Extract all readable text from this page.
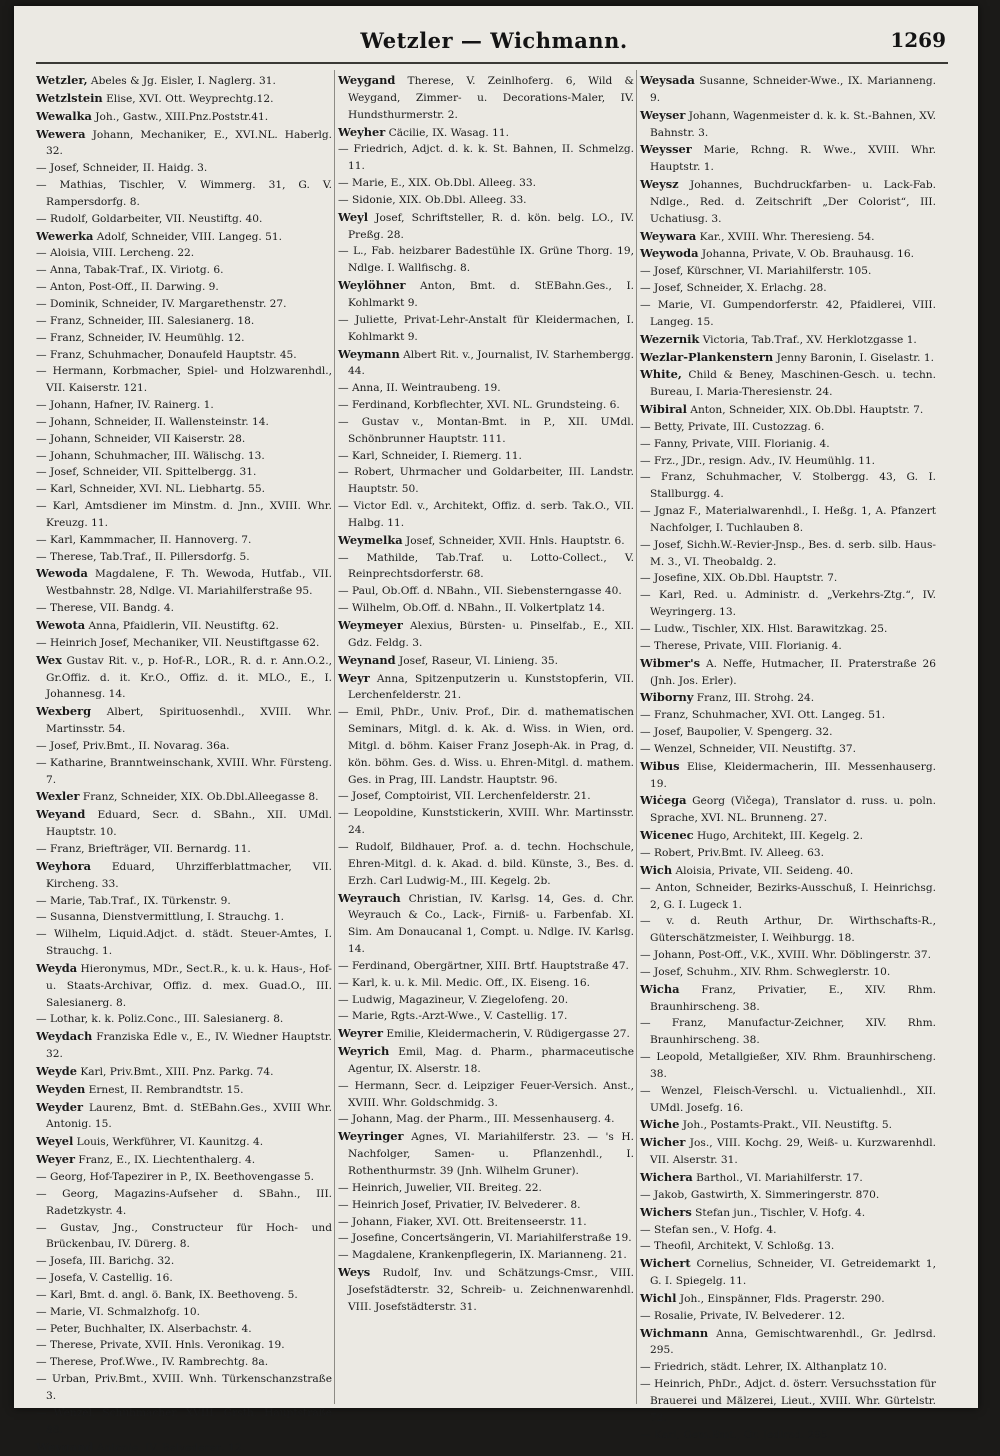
Wetzler — Wichmann.	1269

Wetzler, Abeles & Jg. Eisler, I. Naglerg. 31.

Wetzlstein Elise, XVI. Ott. Weyprechtg.12.

Wewalka Joh., Gastw., XIII.Pnz.Poststr.41.

Wewera Johann, Mechaniker, E., XVI.NL. Haberlg. 32.

— Josef, Schneider, II. Haidg. 3.

— Mathias, Tischler, V. Wimmerg. 31, G. V. Rampersdorfg. 8.

— Rudolf, Goldarbeiter, VII. Neustiftg. 40.

Wewerka Adolf, Schneider, VIII. Langeg. 51.

— Aloisia, VIII. Lercheng. 22.

— Anna, Tabak-Traf., IX. Viriotg. 6.

— Anton, Post-Off., II. Darwing. 9.

— Dominik, Schneider, IV. Margarethenstr. 27.

— Franz, Schneider, III. Salesianerg. 18.

— Franz, Schneider, IV. Heumühlg. 12.

— Franz, Schuhmacher, Donaufeld Hauptstr. 45.

— Hermann, Korbmacher, Spiel- und Holzwarenhdl., VII. Kaiserstr. 121.

— Johann, Hafner, IV. Rainerg. 1.

— Johann, Schneider, II. Wallensteinstr. 14.

— Johann, Schneider, VII Kaiserstr. 28.

— Johann, Schuhmacher, III. Wälischg. 13.

— Josef, Schneider, VII. Spittelbergg. 31.

— Karl, Schneider, XVI. NL. Liebhartg. 55.

— Karl, Amtsdiener im Minstm. d. Jnn., XVIII. Whr. Kreuzg. 11.

— Karl, Kammmacher, II. Hannoverg. 7.

— Therese, Tab.Traf., II. Pillersdorfg. 5.

Wewoda Magdalene, F. Th. Wewoda, Hutfab., VII. Westbahnstr. 28, Ndlge. VI. Mariahilferstraße 95.

— Therese, VII. Bandg. 4.

Wewota Anna, Pfaidlerin, VII. Neustiftg. 62.

— Heinrich Josef, Mechaniker, VII. Neustiftgasse 62.

Wex Gustav Rit. v., p. Hof-R., LOR., R. d. r. Ann.O.2., Gr.Offiz. d. it. Kr.O., Offiz. d. it. MLO., E., I. Johannesg. 14.

Wexberg Albert, Spirituosenhdl., XVIII. Whr. Martinsstr. 54.

— Josef, Priv.Bmt., II. Novarag. 36a.

— Katharine, Branntweinschank, XVIII. Whr. Fürsteng. 7.

Wexler Franz, Schneider, XIX. Ob.Dbl.Alleegasse 8.

Weyand Eduard, Secr. d. SBahn., XII. UMdl. Hauptstr. 10.

— Franz, Briefträger, VII. Bernardg. 11.

Weyhora Eduard, Uhrzifferblattmacher, VII. Kircheng. 33.

— Marie, Tab.Traf., IX. Türkenstr. 9.

— Susanna, Dienstvermittlung, I. Strauchg. 1.

— Wilhelm, Liquid.Adjct. d. städt. Steuer-Amtes, I. Strauchg. 1.

Weyda Hieronymus, MDr., Sect.R., k. u. k. Haus-, Hof- u. Staats-Archivar, Offiz. d. mex. Guad.O., III. Salesianerg. 8.

— Lothar, k. k. Poliz.Conc., III. Salesianerg. 8.

Weydach Franziska Edle v., E., IV. Wiedner Hauptstr. 32.

Weyde Karl, Priv.Bmt., XIII. Pnz. Parkg. 74.

Weyden Ernest, II. Rembrandtstr. 15.

Weyder Laurenz, Bmt. d. StEBahn.Ges., XVIII Whr. Antonig. 15.

Weyel Louis, Werkführer, VI. Kaunitzg. 4.

Weyer Franz, E., IX. Liechtenthalerg. 4.

— Georg, Hof-Tapezirer in P., IX. Beethovengasse 5.

— Georg, Magazins-Aufseher d. SBahn., III. Radetzkystr. 4.

— Gustav, Jng., Constructeur für Hoch- und Brückenbau, IV. Dürerg. 8.

— Josefa, III. Barichg. 32.

— Josefa, V. Castellig. 16.

— Karl, Bmt. d. angl. ö. Bank, IX. Beethoveng. 5.

— Marie, VI. Schmalzhofg. 10.

— Peter, Buchhalter, IX. Alserbachstr. 4.

— Therese, Private, XVII. Hnls. Veronikag. 19.

— Therese, Prof.Wwe., IV. Rambrechtg. 8a.

— Urban, Priv.Bmt., XVIII. Wnh. Türkenschanzstraße 3.

— Wenzel, Schuhmacher, XVIII. Grsth. Hauptstraße 88.

Weygand Antonie, IV. Belvederег. 12.

Weygand Therese, V. Zeinlhoferg. 6, Wild & Weygand, Zimmer- u. Decorations-Maler, IV. Hundsthurmerstr. 2.

Weyher Cäcilie, IX. Wasag. 11.

— Friedrich, Adjct. d. k. k. St. Bahnen, II. Schmelzg. 11.

— Marie, E., XIX. Ob.Dbl. Alleeg. 33.

— Sidonie, XIX. Ob.Dbl. Alleeg. 33.

Weyl Josef, Schriftsteller, R. d. kön. belg. LO., IV. Preßg. 28.

— L., Fab. heizbarer Badestühle IX. Grüne Thorg. 19, Ndlge. I. Wallfischg. 8.

Weylöhner Anton, Bmt. d. StEBahn.Ges., I. Kohlmarkt 9.

— Juliette, Privat-Lehr-Anstalt für Kleidermachen, I. Kohlmarkt 9.

Weymann Albert Rit. v., Journalist, IV. Starhembergg. 44.

— Anna, II. Weintraubeng. 19.

— Ferdinand, Korbflechter, XVI. NL. Grundsteing. 6.

— Gustav v., Montan-Bmt. in P., XII. UMdl. Schönbrunner Hauptstr. 111.

— Karl, Schneider, I. Riemerg. 11.

— Robert, Uhrmacher und Goldarbeiter, III. Landstr. Hauptstr. 50.

— Victor Edl. v., Architekt, Offiz. d. serb. Tak.O., VII. Halbg. 11.

Weymelka Josef, Schneider, XVII. Hnls. Hauptstr. 6.

— Mathilde, Tab.Traf. u. Lotto-Collect., V. Reinprechtsdorferstr. 68.

— Paul, Ob.Off. d. NBahn., VII. Siebensterngasse 40.

— Wilhelm, Ob.Off. d. NBahn., II. Volkertplatz 14.

Weymeyer Alexius, Bürsten- u. Pinselfab., E., XII. Gdz. Feldg. 3.

Weynand Josef, Raseur, VI. Linieng. 35.

Weyr Anna, Spitzenputzerin u. Kunststopferin, VII. Lerchenfelderstr. 21.

— Emil, PhDr., Univ. Prof., Dir. d. mathematischen Seminars, Mitgl. d. k. Ak. d. Wiss. in Wien, ord. Mitgl. d. böhm. Kaiser Franz Joseph-Ak. in Prag, d. kön. böhm. Ges. d. Wiss. u. Ehren-Mitgl. d. mathem. Ges. in Prag, III. Landstr. Hauptstr. 96.

— Josef, Comptoirist, VII. Lerchenfelderstr. 21.

— Leopoldine, Kunststickerin, XVIII. Whr. Martinsstr. 24.

— Rudolf, Bildhauer, Prof. a. d. techn. Hochschule, Ehren-Mitgl. d. k. Akad. d. bild. Künste, 3., Bes. d. Erzh. Carl Ludwig-M., III. Kegelg. 2b.

Weyrauch Christian, IV. Karlsg. 14, Ges. d. Chr. Weyrauch & Co., Lack-, Firniß- u. Farbenfab. XI. Sim. Am Donaucanal 1, Compt. u. Ndlge. IV. Karlsg. 14.

— Ferdinand, Obergärtner, XIII. Brtf. Hauptstraße 47.

— Karl, k. u. k. Mil. Medic. Off., IX. Eiseng. 16.

— Ludwig, Magazineur, V. Ziegelofeng. 20.

— Marie, Rgts.-Arzt-Wwe., V. Castellig. 17.

Weyrer Emilie, Kleidermacherin, V. Rüdigergasse 27.

Weyrich Emil, Mag. d. Pharm., pharmaceutische Agentur, IX. Alserstr. 18.

— Hermann, Secr. d. Leipziger Feuer-Versich. Anst., XVIII. Whr. Goldschmidg. 3.

— Johann, Mag. der Pharm., III. Messenhauserg. 4.

Weyringer Agnes, VI. Mariahilferstr. 23. — 's H. Nachfolger, Samen- u. Pflanzenhdl., I. Rothenthurmstr. 39 (Jnh. Wilhelm Gruner).

— Heinrich, Juwelier, VII. Breiteg. 22.

— Heinrich Josef, Privatier, IV. Belvederег. 8.

— Johann, Fiaker, XVI. Ott. Breitenseerstr. 11.

— Josefine, Concertsängerin, VI. Mariahilferstraße 19.

— Magdalene, Krankenpflegerin, IX. Marianneng. 21.

Weys Rudolf, Inv. und Schätzungs-Cmsr., VIII. Josefstädterstr. 32, Schreib- u. Zeichnenwarenhdl. VIII. Josefstädterstr. 31.

Weysada Susanne, Schneider-Wwe., IX. Marianneng. 9.

Weyser Johann, Wagenmeister d. k. k. St.-Bahnen, XV. Bahnstr. 3.

Weysser Marie, Rchng. R. Wwe., XVIII. Whr. Hauptstr. 1.

Weysz Johannes, Buchdruckfarben- u. Lack-Fab. Ndlge., Red. d. Zeitschrift „Der Colorist“, III. Uchatiusg. 3.

Weywara Kar., XVIII. Whr. Theresieng. 54.

Weywoda Johanna, Private, V. Ob. Brauhausg. 16.

— Josef, Kürschner, VI. Mariahilferstr. 105.

— Josef, Schneider, X. Erlachg. 28.

— Marie, VI. Gumpendorferstr. 42, Pfaidlerei, VIII. Langeg. 15.

Wezernik Victoria, Tab.Traf., XV. Herklotzgasse 1.

Wezlar-Plankenstern Jenny Baronin, I. Giselastr. 1.

White, Child & Beney, Maschinen-Gesch. u. techn. Bureau, I. Maria-Theresienstr. 24.

Wibiral Anton, Schneider, XIX. Ob.Dbl. Hauptstr. 7.

— Betty, Private, III. Custozzag. 6.

— Fanny, Private, VIII. Florianig. 4.

— Frz., JDr., resign. Adv., IV. Heumühlg. 11.

— Franz, Schuhmacher, V. Stolbergg. 43, G. I. Stallburgg. 4.

— Jgnaz F., Materialwarenhdl., I. Heßg. 1, A. Pfanzert Nachfolger, I. Tuchlauben 8.

— Josef, Sichh.W.-Revier-Jnsp., Bes. d. serb. silb. Haus-M. 3., VI. Theobaldg. 2.

— Josefine, XIX. Ob.Dbl. Hauptstr. 7.

— Karl, Red. u. Administr. d. „Verkehrs-Ztg.“, IV. Weyringerg. 13.

— Ludw., Tischler, XIX. Hlst. Barawitzkag. 25.

— Therese, Private, VIII. Florianig. 4.

Wibmer's A. Neffe, Hutmacher, II. Praterstraße 26 (Jnh. Jos. Erler).

Wiborny Franz, III. Strohg. 24.

— Franz, Schuhmacher, XVI. Ott. Langeg. 51.

— Josef, Baupolier, V. Spengerg. 32.

— Wenzel, Schneider, VII. Neustiftg. 37.

Wibus Elise, Kleidermacherin, III. Messenhauserg. 19.

Wiċega Georg (Vičega), Translator d. russ. u. poln. Sprache, XVI. NL. Brunneng. 27.

Wicenec Hugo, Architekt, III. Kegelg. 2.

— Robert, Priv.Bmt. IV. Alleeg. 63.

Wich Aloisia, Private, VII. Seideng. 40.

— Anton, Schneider, Bezirks-Ausschuß, I. Heinrichsg. 2, G. I. Lugeck 1.

— v. d. Reuth Arthur, Dr. Wirthschafts-R., Güterschätzmeister, I. Weihburgg. 18.

— Johann, Post-Off., V.K., XVIII. Whr. Döblingerstr. 37.

— Josef, Schuhm., XIV. Rhm. Schweglerstr. 10.

Wicha Franz, Privatier, E., XIV. Rhm. Braunhirscheng. 38.

— Franz, Manufactur-Zeichner, XIV. Rhm. Braunhirscheng. 38.

— Leopold, Metallgießer, XIV. Rhm. Braunhirscheng. 38.

— Wenzel, Fleisch-Verschl. u. Victualienhdl., XII. UMdl. Josefg. 16.

Wiche Joh., Postamts-Prakt., VII. Neustiftg. 5.

Wicher Jos., VIII. Kochg. 29, Weiß- u. Kurzwarenhdl. VII. Alserstr. 31.

Wichera Barthol., VI. Mariahilferstr. 17.

— Jakob, Gastwirth, X. Simmeringerstr. 870.

Wichers Stefan jun., Tischler, V. Hofg. 4.

— Stefan sen., V. Hofg. 4.

— Theofil, Architekt, V. Schloßg. 13.

Wichert Cornelius, Schneider, VI. Getreidemarkt 1, G. I. Spiegelg. 11.

Wichl Joh., Einspänner, Flds. Pragerstr. 290.

— Rosalie, Private, IV. Belvederег. 12.

Wichmann Anna, Gemischtwarenhdl., Gr. Jedlrsd. 295.

— Friedrich, städt. Lehrer, IX. Althanplatz 10.

— Heinrich, PhDr., Adjct. d. österr. Versuchsstation für Brauerei und Mälzerei, Lieut., XVIII. Whr. Gürtelstr. 72.

— Karl, Gem.Bmt., Gr. Jedlrsd. 295.
